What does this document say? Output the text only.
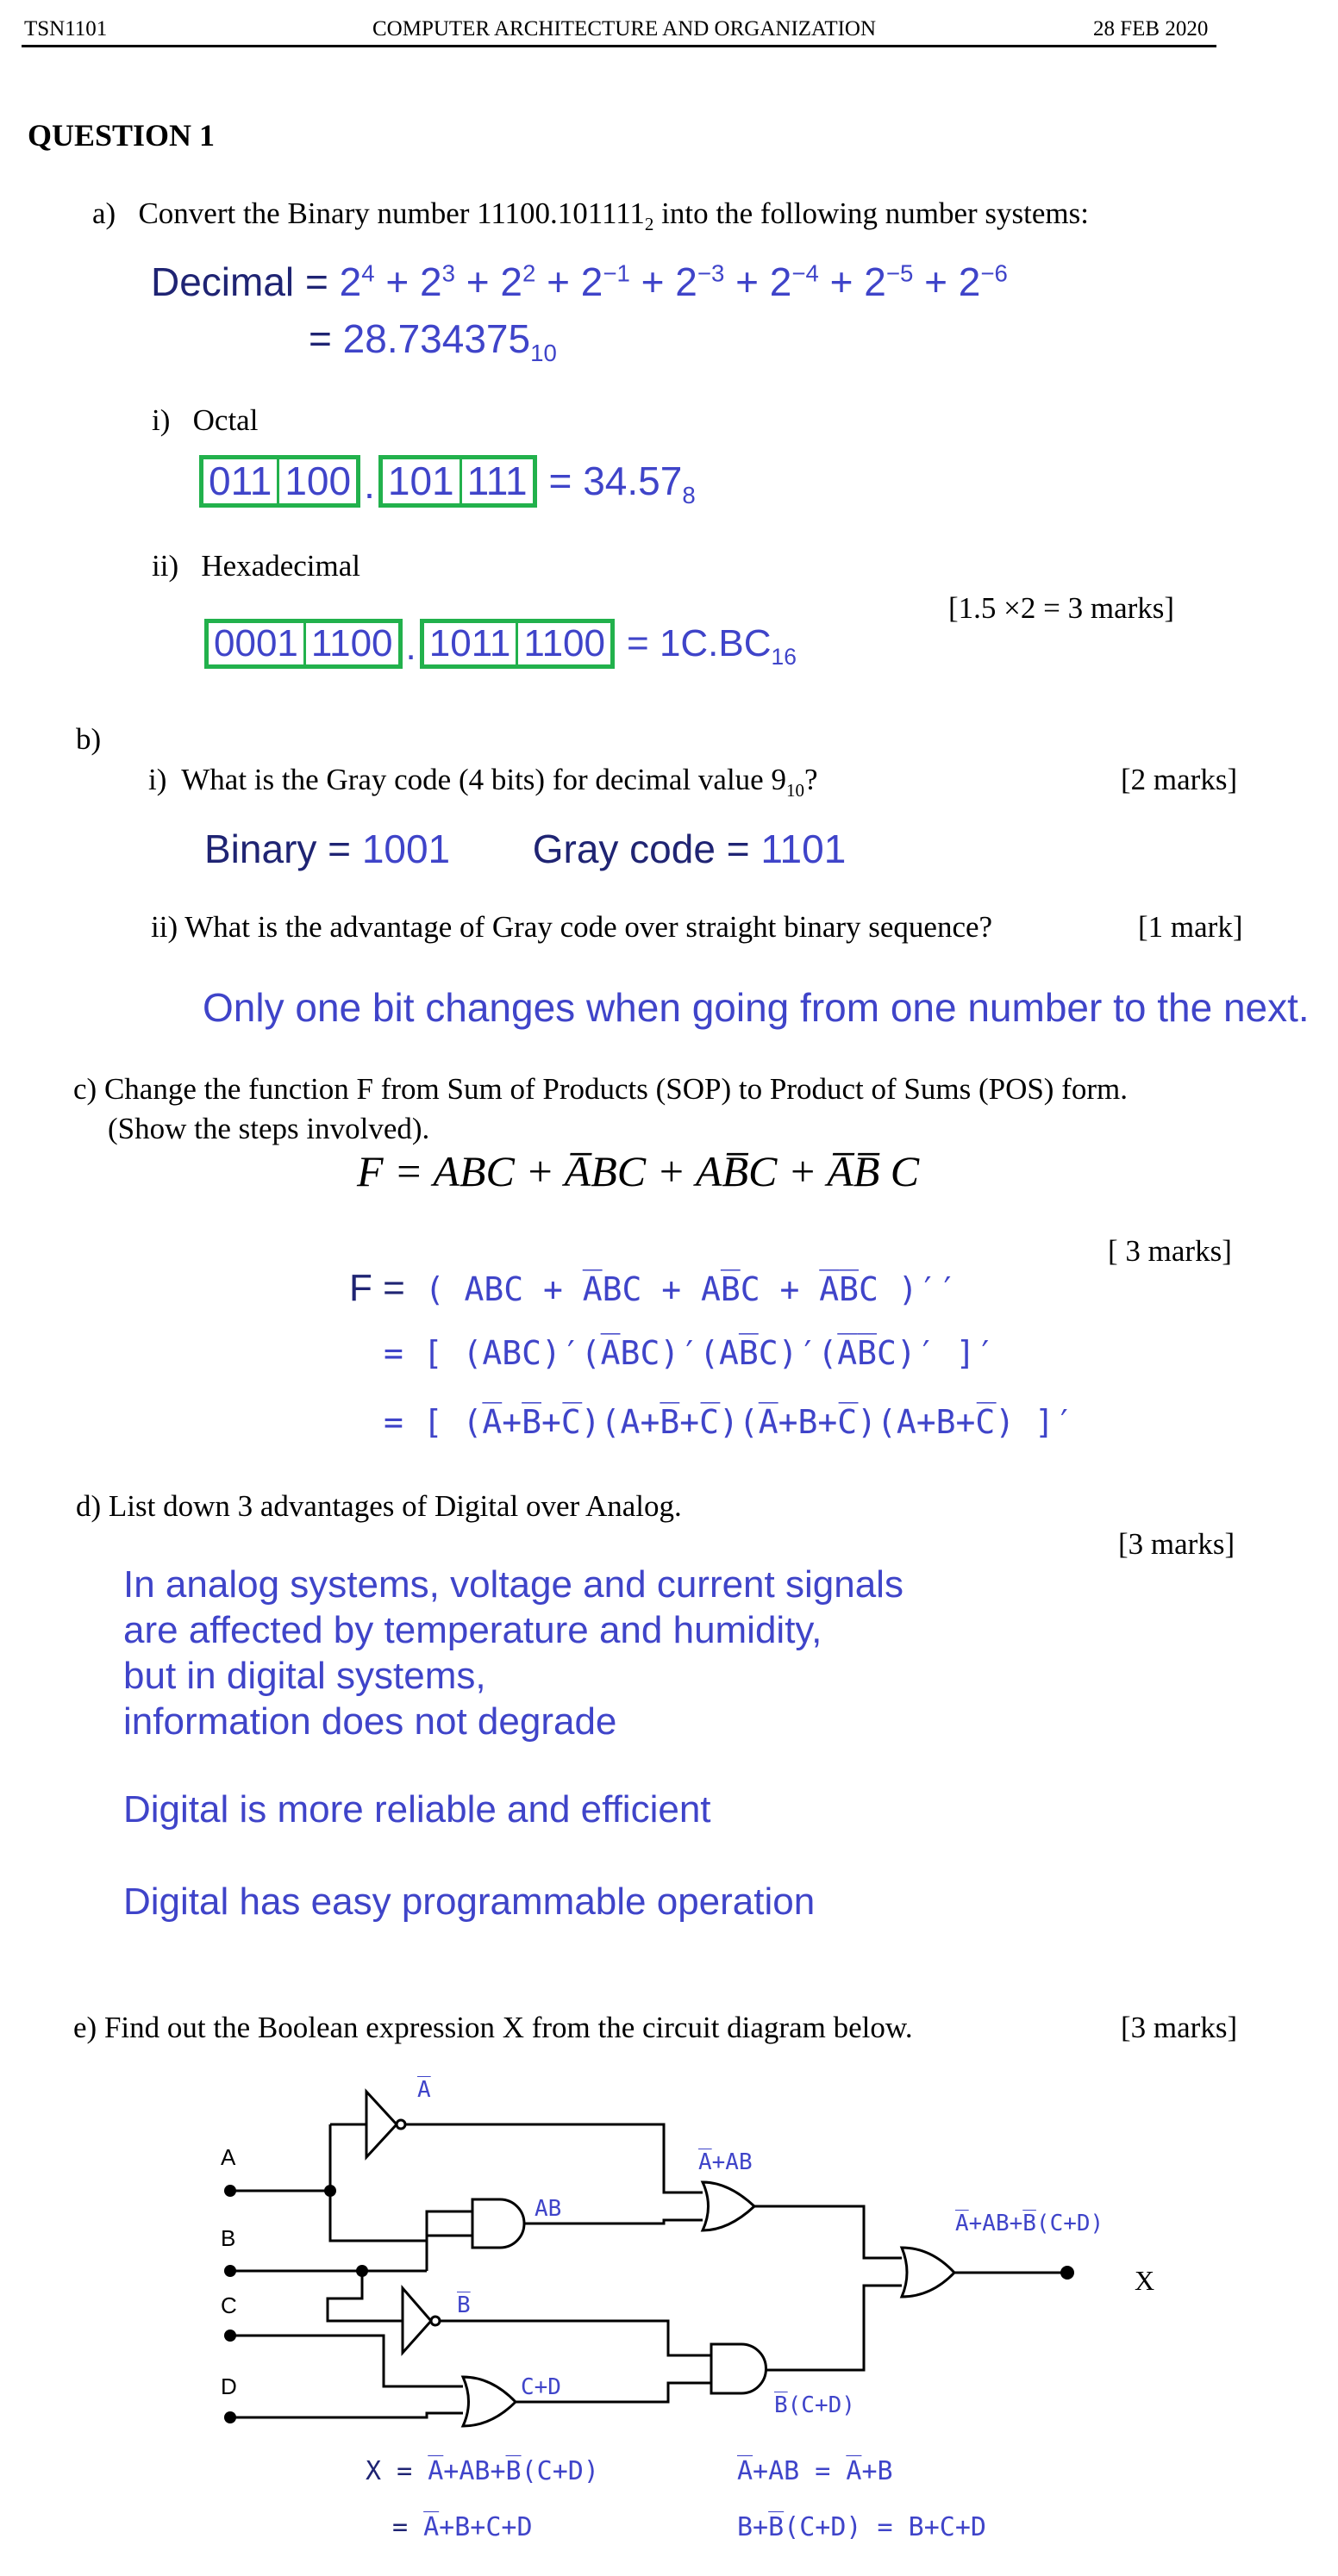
TSN1101	COMPUTER ARCHITECTURE AND ORGANIZATION	28 FEB 2020
QUESTION 1
a) Convert the Binary number $11100.101111_2$ into the following number systems:
Decimal = $2^4 + 2^3 + 2^2 + 2^{-1} + 2^{-3} + 2^{-4} + 2^{-5} + 2^{-6}$
= $28.734375_{10}$
i) Octal
011 100 . 101 $111 = 34.57_8$
ii) Hexadecimal
[1.5 ×2 = 3 marks]
0001 1100 . 1011 $1100 = 1C.BC_{16}$
b)
i) What is the Gray code (4 bits) for decimal value $9_{10}$?	[2 marks]
Binary = 1001 Gray code = 1101
ii) What is the advantage of Gray code over straight binary sequence?	[1 mark]
Only one bit changes when going from one number to the next.
c) Change the function F from Sum of Products (SOP) to Product of Sums (POS) form.
(Show the steps involved).
F = ABC + A̅BC + AB̅C + A̅B̅ C
[ 3 marks]
F = ( ABC + A̅BC + AB̅C + A̅B̅C )′′
= [ (ABC)′(A̅BC)′(AB̅C)′(A̅B̅C)′ ]′
= [ (A̅+B̅+C̅)(A+B̅+C̅)(A̅+B+C̅)(A+B+C̅) ]′
d) List down 3 advantages of Digital over Analog.
[3 marks]
In analog systems, voltage and current signals
are affected by temperature and humidity,
but in digital systems,
information does not degrade
Digital is more reliable and efficient
Digital has easy programmable operation
e) Find out the Boolean expression X from the circuit diagram below.	[3 marks]
A
B
C
D
X
A̅
AB
A̅+AB
B̅
C+D
B̅(C+D)
A̅+AB+B̅(C+D)
X = A̅+AB+B̅(C+D)
= A̅+B+C+D
A̅+AB = A̅+B
B+B̅(C+D) = B+C+D
